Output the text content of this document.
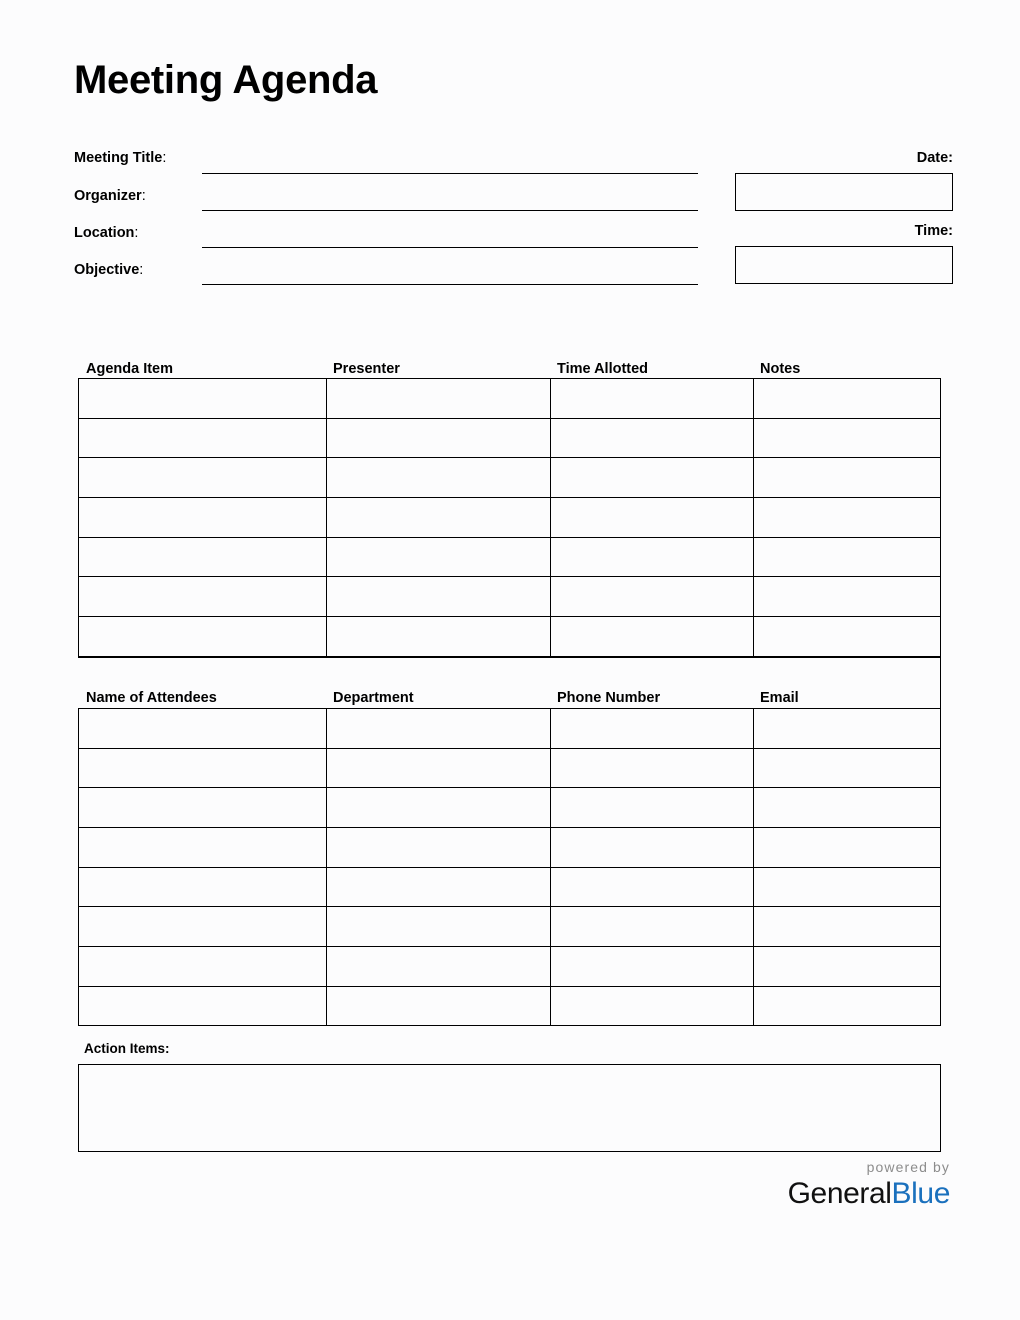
Meeting Agenda
Meeting Title:
Organizer:
Location:
Objective:
Date:
Time:
Agenda Item	Presenter	Time Allotted	Notes
Name of Attendees	Department	Phone Number	Email
Action Items:
powered by
GeneralBlue
